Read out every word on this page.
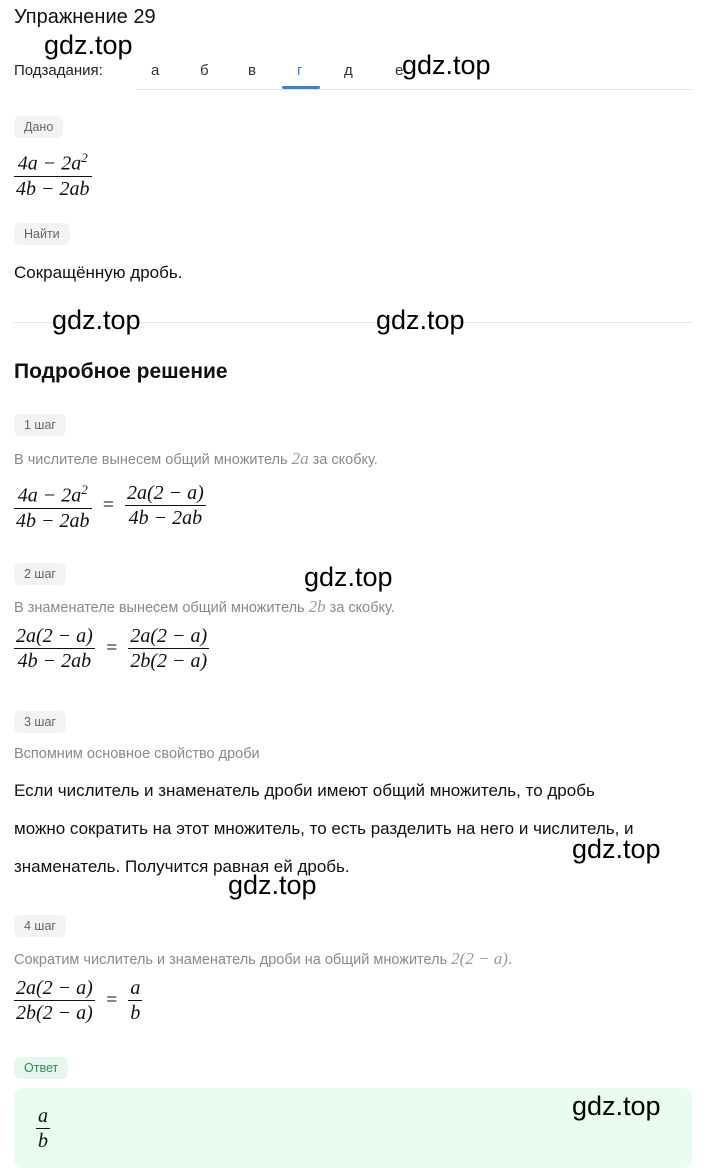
Упражнение 29
Подзадания:	а	б	в	г	д	е
Дано
$\frac{4a - 2a^2}{4b - 2ab}$
Найти
Сокращённую дробь.
Подробное решение
1 шаг
В числителе вынесем общий множитель 2a за скобку.
$\frac{4a - 2a^2}{4b - 2ab} = \frac{2a(2 - a)}{4b - 2ab}$
2 шаг
В знаменателе вынесем общий множитель 2b за скобку.
$\frac{2a(2 - a)}{4b - 2ab} = \frac{2a(2 - a)}{2b(2 - a)}$
3 шаг
Вспомним основное свойство дроби
Если числитель и знаменатель дроби имеют общий множитель, то дробь
можно сократить на этот множитель, то есть разделить на него и числитель, и
знаменатель. Получится равная ей дробь.
4 шаг
Сократим числитель и знаменатель дроби на общий множитель 2(2 − a).
$\frac{2a(2 - a)}{2b(2 - a)} = \frac{a}{b}$
Ответ
$\frac{a}{b}$
gdz.top
gdz.top
gdz.top	gdz.top
gdz.top
gdz.top
gdz.top
gdz.top
